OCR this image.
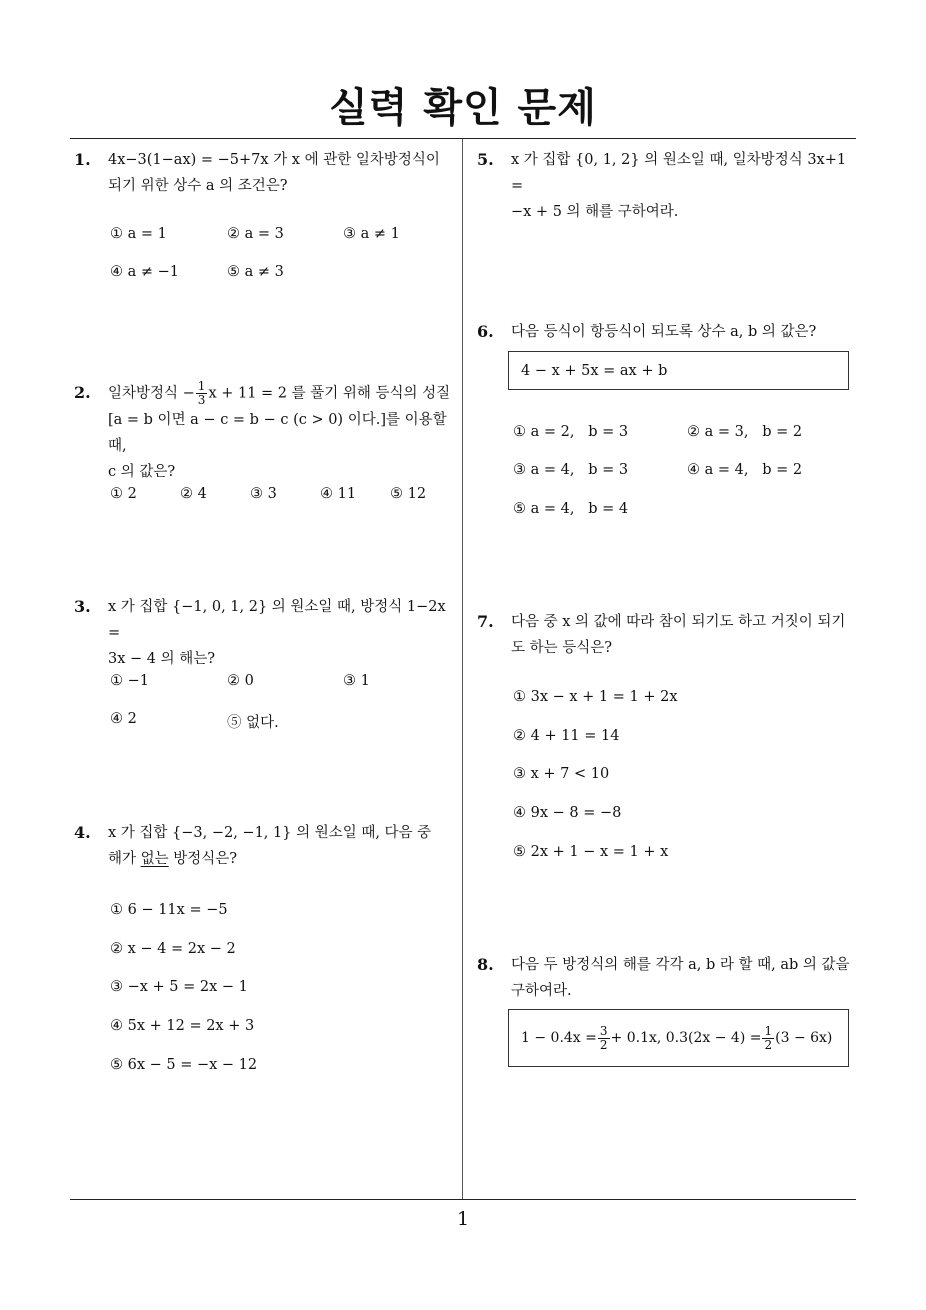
실력 확인 문제
1
1. 4x−3(1−ax) = −5+7x 가 x 에 관한 일차방정식이
되기 위한 상수 a 의 조건은?
① a = 1	② a = 3	③ a ≠ 1
④ a ≠ −1	⑤ a ≠ 3
2. 일차방정식 − $\frac{1}{3}$ x + 11 = 2 를 풀기 위해 등식의 성질
[a = b 이면 a − c = b − c (c > 0) 이다.]를 이용할 때,
c 의 값은?
① 2	② 4	③ 3	④ 11 ⑤ 12
3. x 가 집합 {−1, 0, 1, 2} 의 원소일 때, 방정식 1−2x =
3x − 4 의 해는?
① −1	② 0	③ 1
④ 2	⑤ 없다.
4. x 가 집합 {−3, −2, −1, 1} 의 원소일 때, 다음 중
해가 없는 방정식은?
① 6 − 11x = −5
② x − 4 = 2x − 2
③ −x + 5 = 2x − 1
④ 5x + 12 = 2x + 3
⑤ 6x − 5 = −x − 12
5. x 가 집합 {0, 1, 2} 의 원소일 때, 일차방정식 3x+1 =
−x + 5 의 해를 구하여라.
6. 다음 등식이 항등식이 되도록 상수 a, b 의 값은?
4 − x + 5x = ax + b
① a = 2,   b = 3	② a = 3,   b = 2
③ a = 4,   b = 3	④ a = 4,   b = 2
⑤ a = 4,   b = 4
7. 다음 중 x 의 값에 따라 참이 되기도 하고 거짓이 되기
도 하는 등식은?
① 3x − x + 1 = 1 + 2x
② 4 + 11 = 14
③ x + 7 < 10
④ 9x − 8 = −8
⑤ 2x + 1 − x = 1 + x
8. 다음 두 방정식의 해를 각각 a, b 라 할 때, ab 의 값을
구하여라.
$1 - 0.4x = \frac{3}{2} + 0.1x$, $0.3(2x - 4) = \frac{1}{2} (3 - 6x)$
